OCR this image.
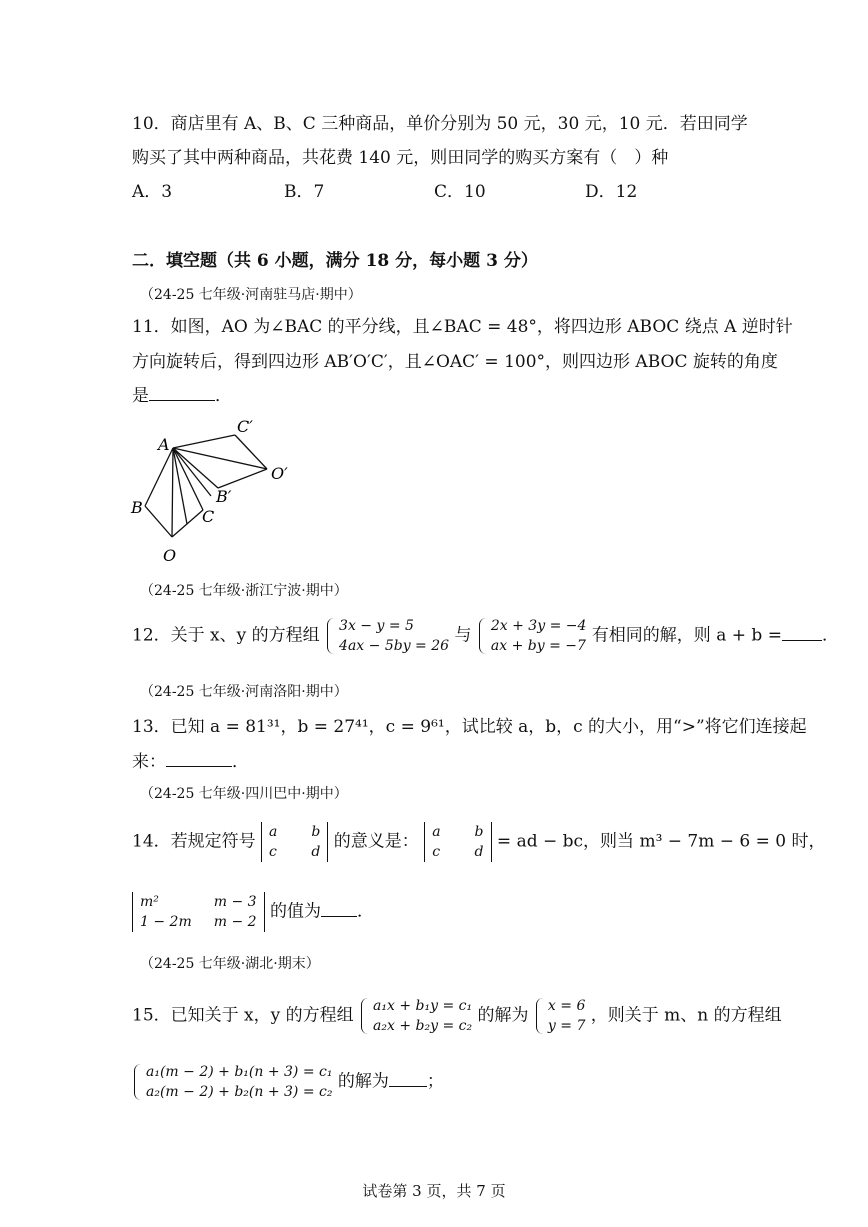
10．商店里有 A、B、C 三种商品，单价分别为 50 元，30 元，10 元．若田同学
购买了其中两种商品，共花费 140 元，则田同学的购买方案有（　）种
A．3	B．7	C．10	D．12
二．填空题（共 6 小题，满分 18 分，每小题 3 分）
（24-25 七年级·河南驻马店·期中）
11．如图，AO 为∠BAC 的平分线，且∠BAC = 48°，将四边形 ABOC 绕点 A 逆时针
方向旋转后，得到四边形 AB′O′C′，且∠OAC′ = 100°，则四边形 ABOC 旋转的角度
是	．
A
B	C
O
B′
C′
O′
（24-25 七年级·浙江宁波·期中）
12．关于 x、y 的方程组 3x − y = 5
4ax − 5by = 26
与 2x + 3y = −4
ax + by = −7
有相同的解，则 a + b = ．
（24-25 七年级·河南洛阳·期中）
13．已知 a = 81³¹，b = 27⁴¹，c = 9⁶¹，试比较 a，b，c 的大小，用“>”将它们连接起
来：	．
（24-25 七年级·四川巴中·期中）
14．若规定符号 a	b
c	d
的意义是： a	b
c	d
= ad − bc，则当 m³ − 7m − 6 = 0 时，
m²	m − 3
1 − 2m	m − 2
的值为 ．
（24-25 七年级·湖北·期末）
15．已知关于 x，y 的方程组 a₁x + b₁y = c₁
a₂x + b₂y = c₂
的解为 x = 6
y = 7
，则关于 m、n 的方程组
a₁(m − 2) + b₁(n + 3) = c₁
a₂(m − 2) + b₂(n + 3) = c₂
的解为 ；
试卷第 3 页，共 7 页
